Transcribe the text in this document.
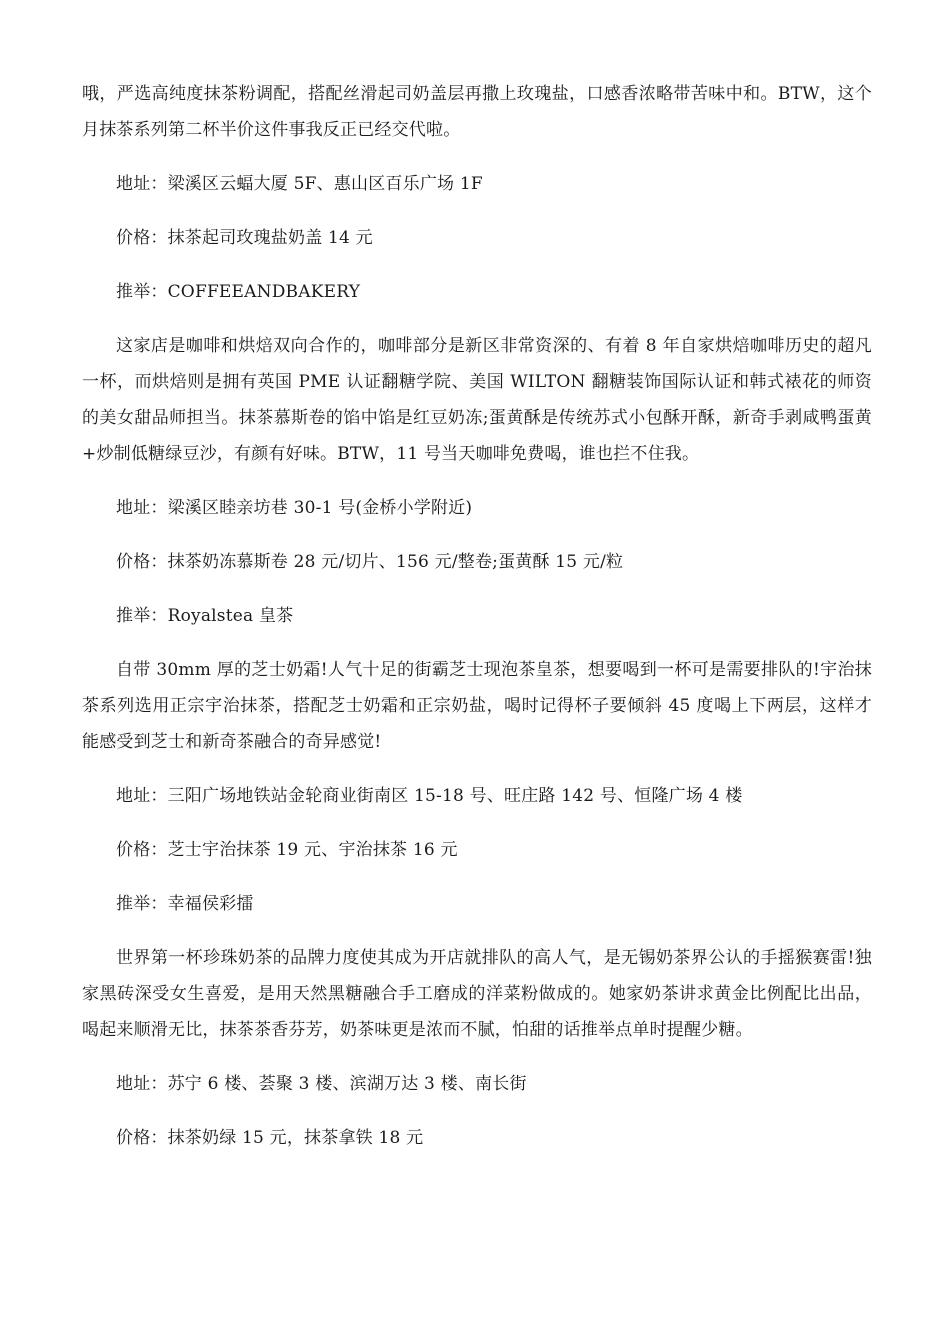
哦，严选高纯度抹茶粉调配，搭配丝滑起司奶盖层再撒上玫瑰盐，口感香浓略带苦味中和。BTW，这个月抹茶系列第二杯半价这件事我反正已经交代啦。

地址：梁溪区云蝠大厦 5F、惠山区百乐广场 1F

价格：抹茶起司玫瑰盐奶盖 14 元

推举：COFFEEANDBAKERY

这家店是咖啡和烘焙双向合作的，咖啡部分是新区非常资深的、有着 8 年自家烘焙咖啡历史的超凡一杯，而烘焙则是拥有英国 PME 认证翻糖学院、美国 WILTON 翻糖装饰国际认证和韩式裱花的师资的美女甜品师担当。抹茶慕斯卷的馅中馅是红豆奶冻;蛋黄酥是传统苏式小包酥开酥，新奇手剥咸鸭蛋黄+炒制低糖绿豆沙，有颜有好味。BTW，11 号当天咖啡免费喝，谁也拦不住我。

地址：梁溪区睦亲坊巷 30-1 号(金桥小学附近)

价格：抹茶奶冻慕斯卷 28 元/切片、156 元/整卷;蛋黄酥 15 元/粒

推举：Royalstea 皇茶

自带 30mm 厚的芝士奶霜!人气十足的街霸芝士现泡茶皇茶，想要喝到一杯可是需要排队的!宇治抹茶系列选用正宗宇治抹茶，搭配芝士奶霜和正宗奶盐，喝时记得杯子要倾斜 45 度喝上下两层，这样才能感受到芝士和新奇茶融合的奇异感觉!

地址：三阳广场地铁站金轮商业街南区 15-18 号、旺庄路 142 号、恒隆广场 4 楼

价格：芝士宇治抹茶 19 元、宇治抹茶 16 元

推举：幸福侯彩擂

世界第一杯珍珠奶茶的品牌力度使其成为开店就排队的高人气，是无锡奶茶界公认的手摇猴赛雷!独家黑砖深受女生喜爱，是用天然黑糖融合手工磨成的洋菜粉做成的。她家奶茶讲求黄金比例配比出品，喝起来顺滑无比，抹茶茶香芬芳，奶茶味更是浓而不腻，怕甜的话推举点单时提醒少糖。

地址：苏宁 6 楼、荟聚 3 楼、滨湖万达 3 楼、南长街

价格：抹茶奶绿 15 元，抹茶拿铁 18 元
